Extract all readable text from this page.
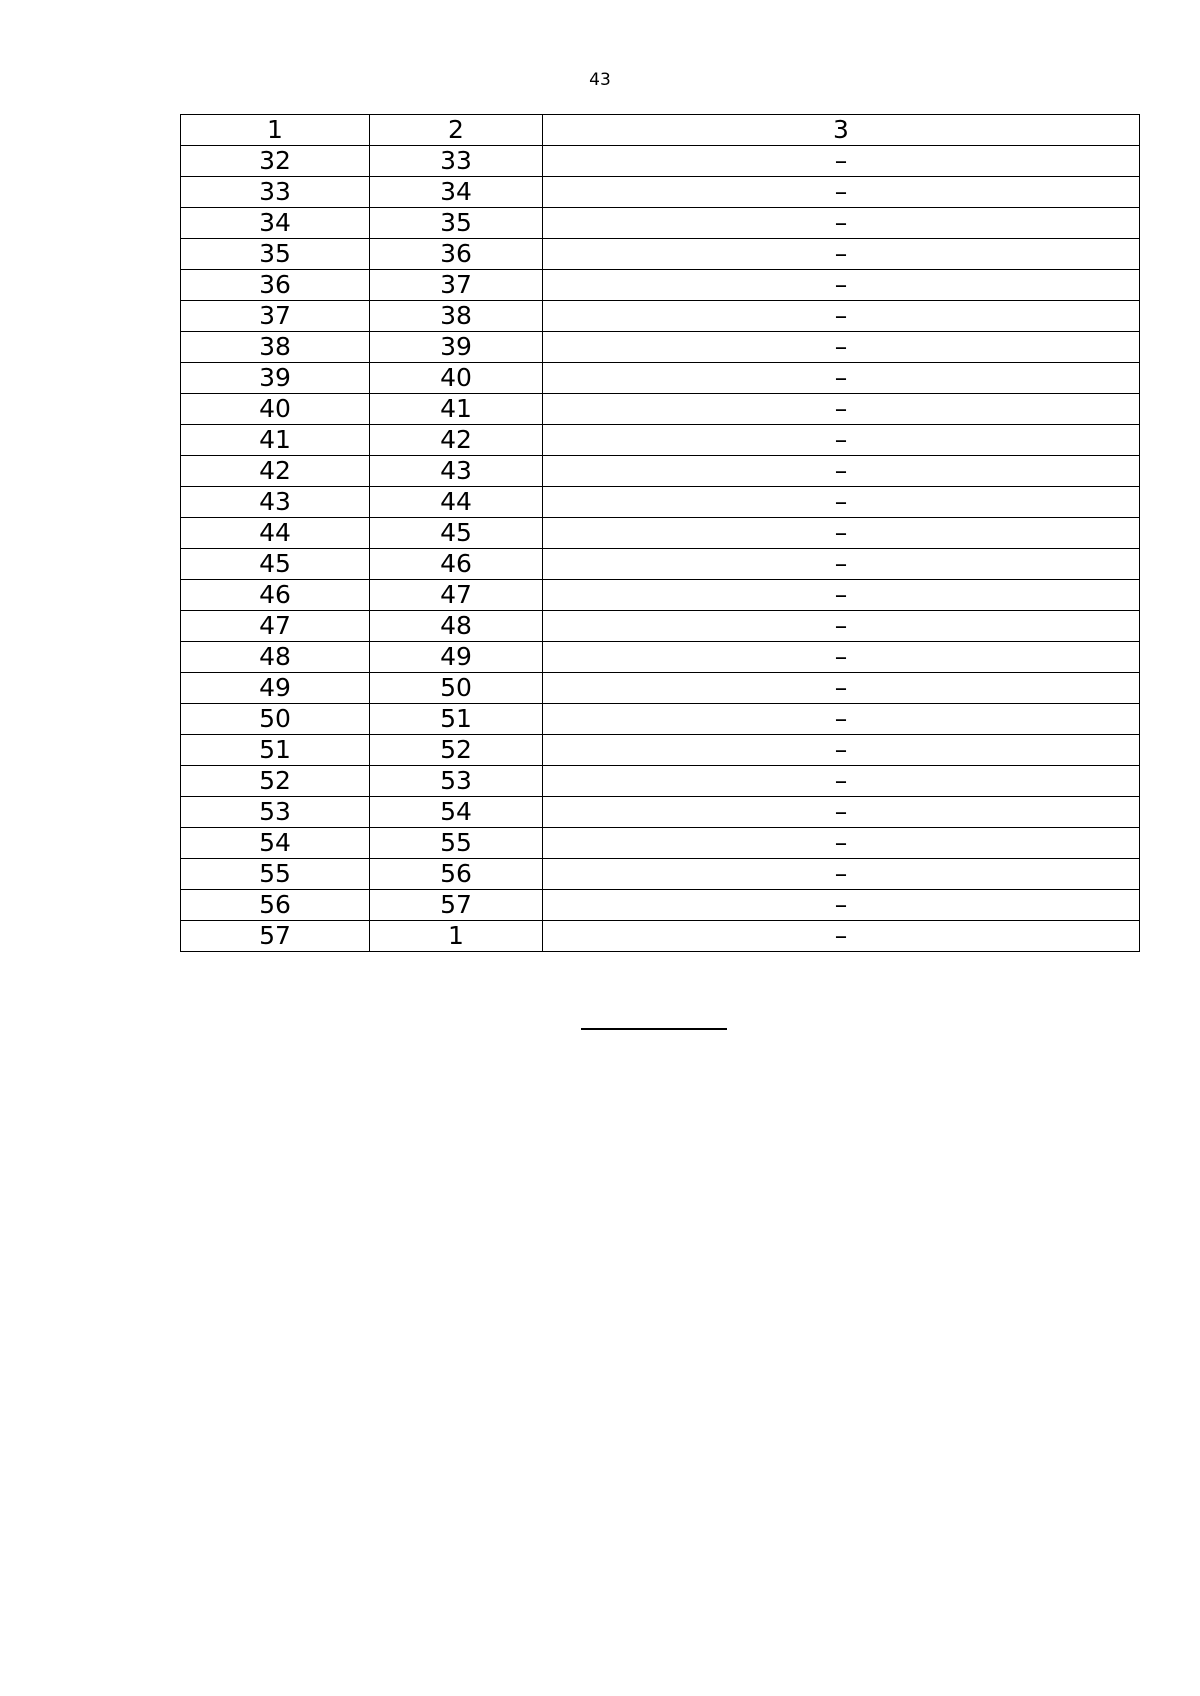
43
1	2	3
32	33	–
33	34	–
34	35	–
35	36	–
36	37	–
37	38	–
38	39	–
39	40	–
40	41	–
41	42	–
42	43	–
43	44	–
44	45	–
45	46	–
46	47	–
47	48	–
48	49	–
49	50	–
50	51	–
51	52	–
52	53	–
53	54	–
54	55	–
55	56	–
56	57	–
57	1	–
